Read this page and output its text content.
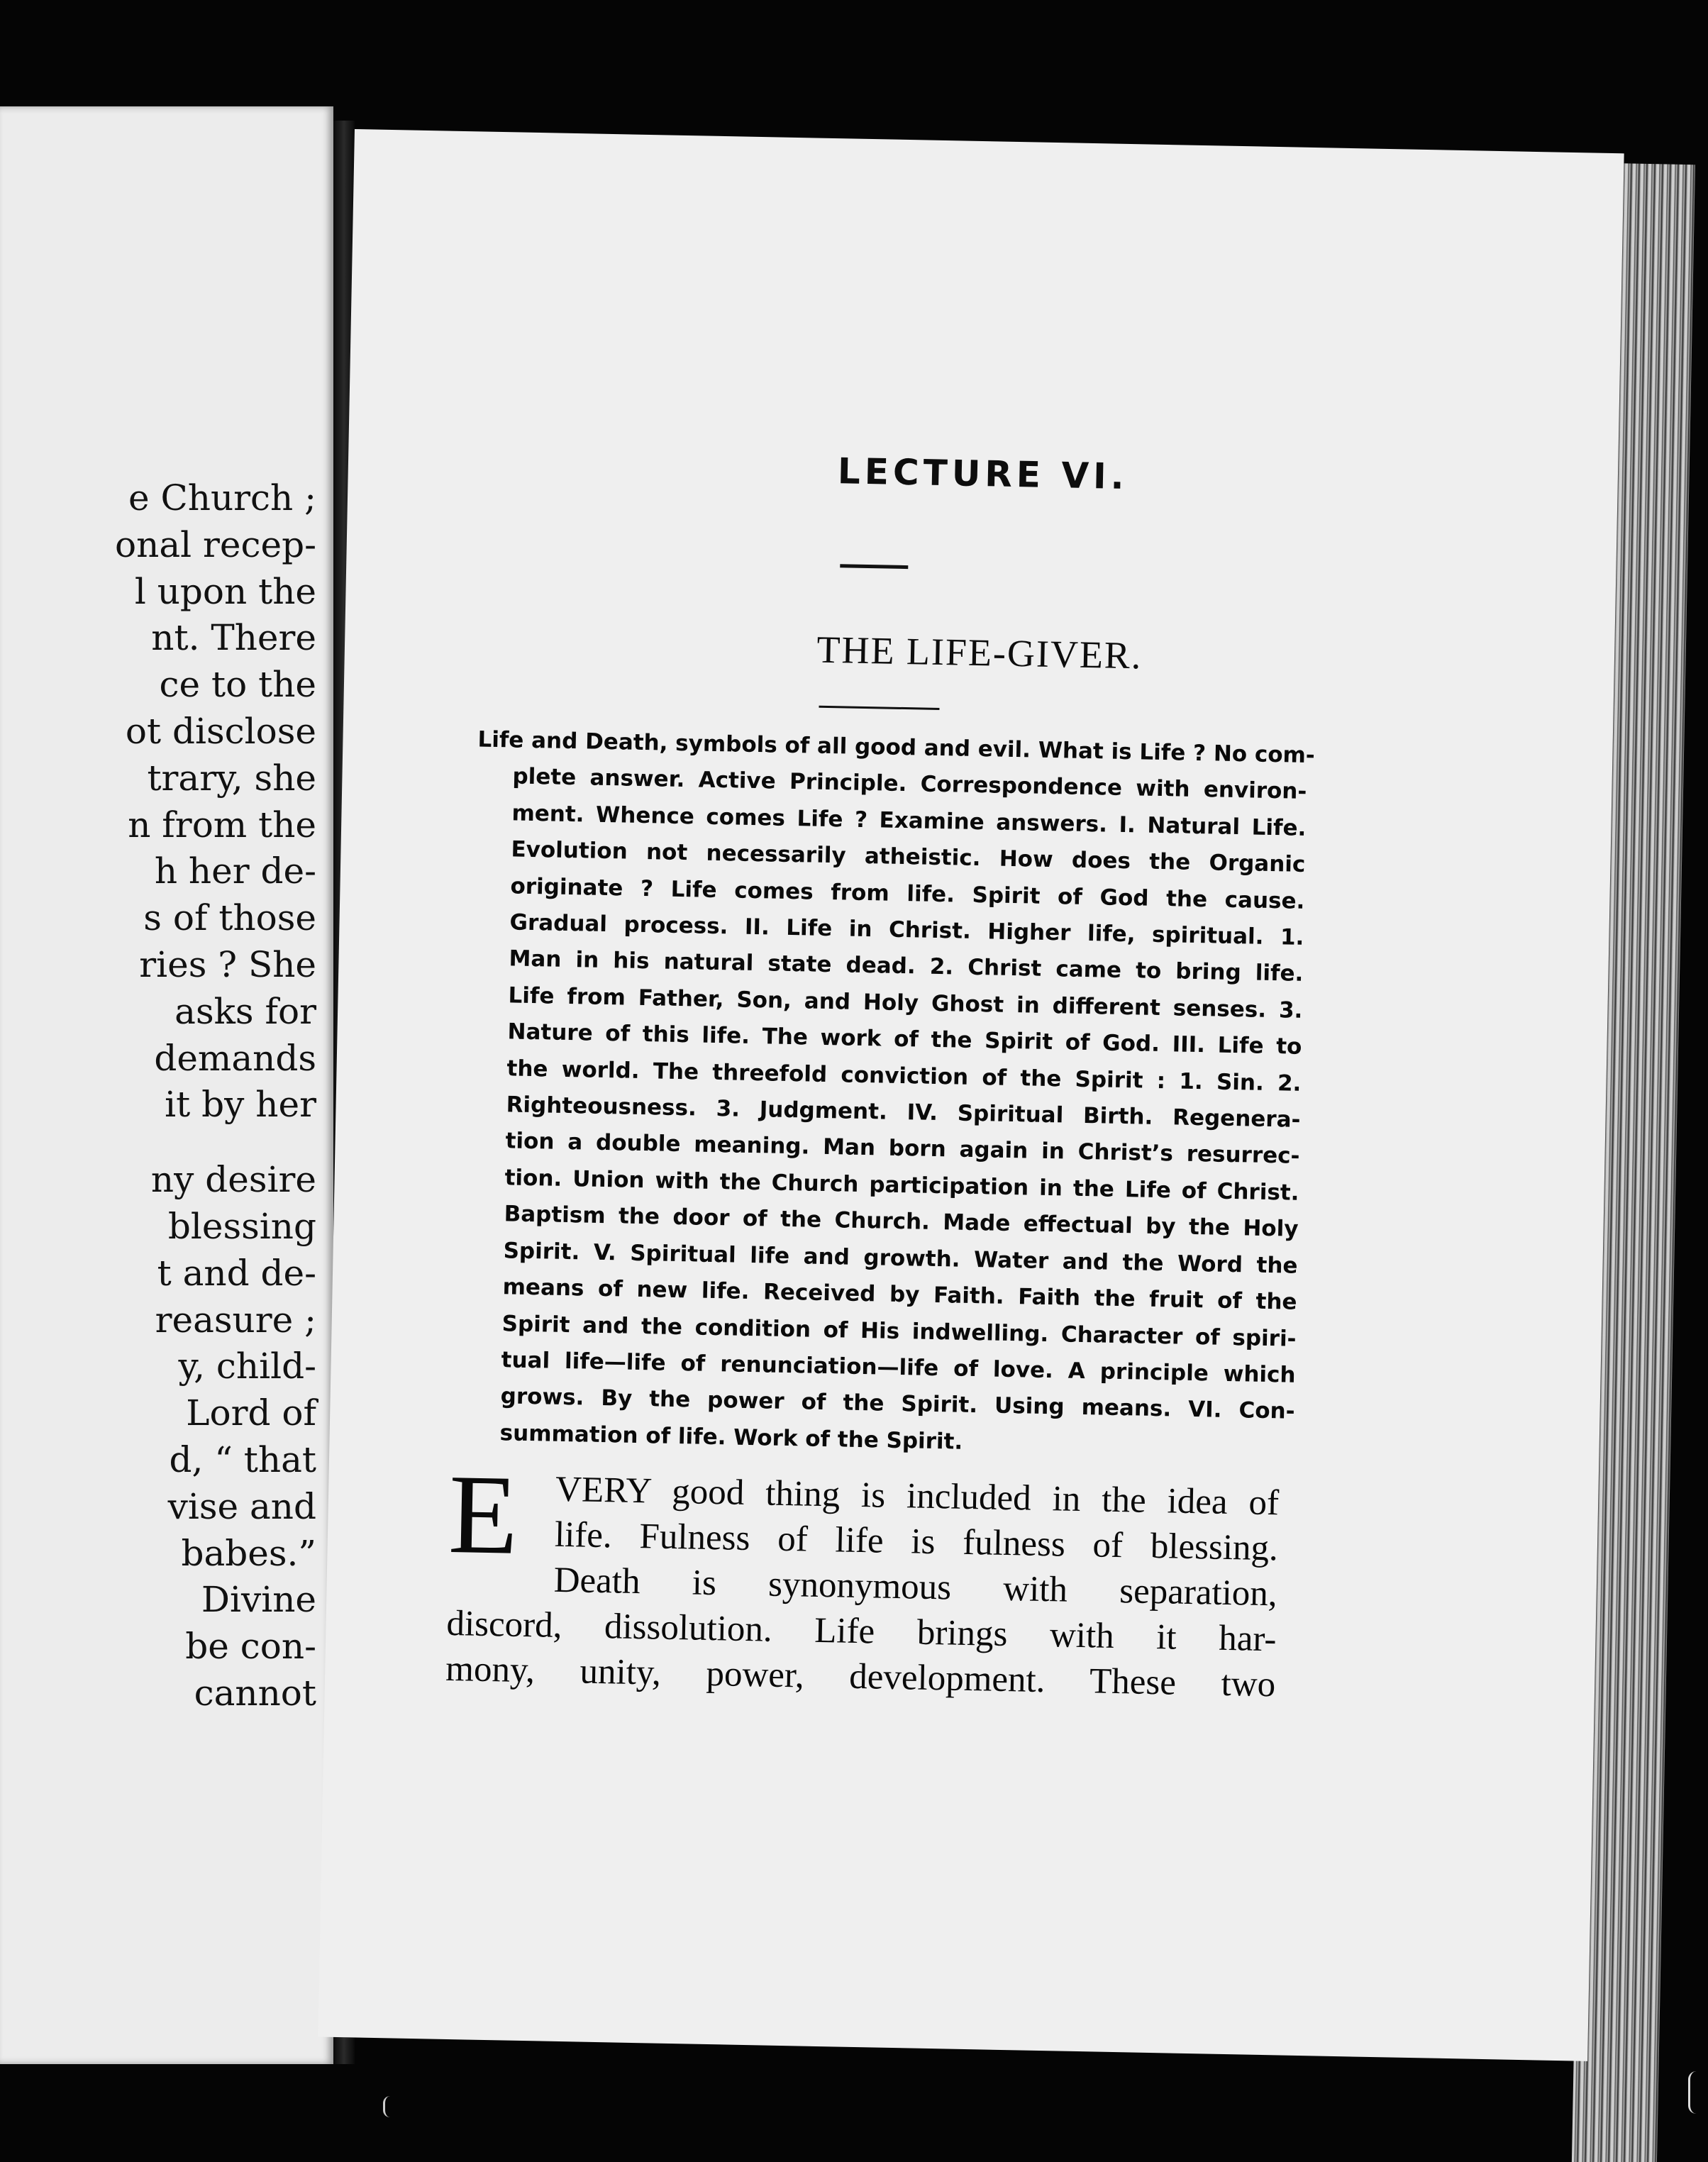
e Church ;
onal recep-
l upon the
nt. There
ce to the
ot disclose
trary, she
n from the
h her de-
s of those
ries ? She
asks for
demands
it by her
ny desire
blessing
t and de-
reasure ;
y, child-
Lord of
d, “ that
vise and
babes.”
Divine
be con-
cannot
LECTURE VI.
THE LIFE-GIVER.
Life and Death, symbols of all good and evil. What is Life ? No com-
plete answer. Active Principle. Correspondence with environ-
ment. Whence comes Life ? Examine answers. I. Natural Life.
Evolution not necessarily atheistic. How does the Organic
originate ? Life comes from life. Spirit of God the cause.
Gradual process. II. Life in Christ. Higher life, spiritual. 1.
Man in his natural state dead. 2. Christ came to bring life.
Life from Father, Son, and Holy Ghost in different senses. 3.
Nature of this life. The work of the Spirit of God. III. Life to
the world. The threefold conviction of the Spirit : 1. Sin. 2.
Righteousness. 3. Judgment. IV. Spiritual Birth. Regenera-
tion a double meaning. Man born again in Christ’s resurrec-
tion. Union with the Church participation in the Life of Christ.
Baptism the door of the Church. Made effectual by the Holy
Spirit. V. Spiritual life and growth. Water and the Word the
means of new life. Received by Faith. Faith the fruit of the
Spirit and the condition of His indwelling. Character of spiri-
tual life—life of renunciation—life of love. A principle which
grows. By the power of the Spirit. Using means. VI. Con-
summation of life. Work of the Spirit.
E VERY good thing is included in the idea of
life. Fulness of life is fulness of blessing.
Death is synonymous with separation,
discord, dissolution. Life brings with it har-
mony, unity, power, development. These two
